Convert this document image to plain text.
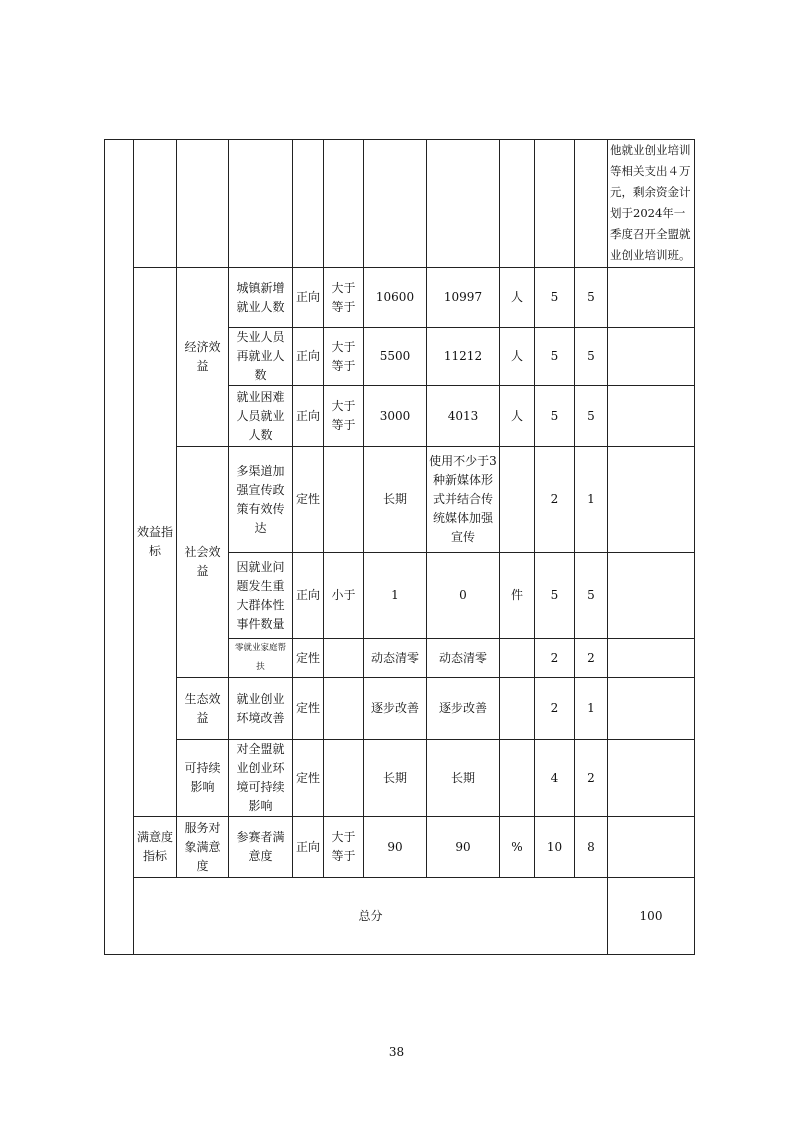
											他就业创业培训等相关支出４万元，剩余资金计划于2024年一季度召开全盟就业创业培训班。	
	效益指标	经济效益	城镇新增就业人数	正向	大于等于	10600	10997	人	5	5		
			失业人员再就业人数	正向	大于等于	5500	11212	人	5	5		
			就业困难人员就业人数	正向	大于等于	3000	4013	人	5	5		
		社会效益	多渠道加强宣传政策有效传达	定性		长期	使用不少于3种新媒体形式并结合传统媒体加强宣传		2	1		
			因就业问题发生重大群体性事件数量	正向	小于	1	0	件	5	5		
			零就业家庭帮扶	定性		动态清零	动态清零		2	2		
		生态效益	就业创业环境改善	定性		逐步改善	逐步改善		2	1		
		可持续影响	对全盟就业创业环境可持续影响	定性		长期	长期		4	2		
	满意度指标	服务对象满意度	参赛者满意度	正向	大于等于	90	90	%	10	8		
	总分										100		
38
